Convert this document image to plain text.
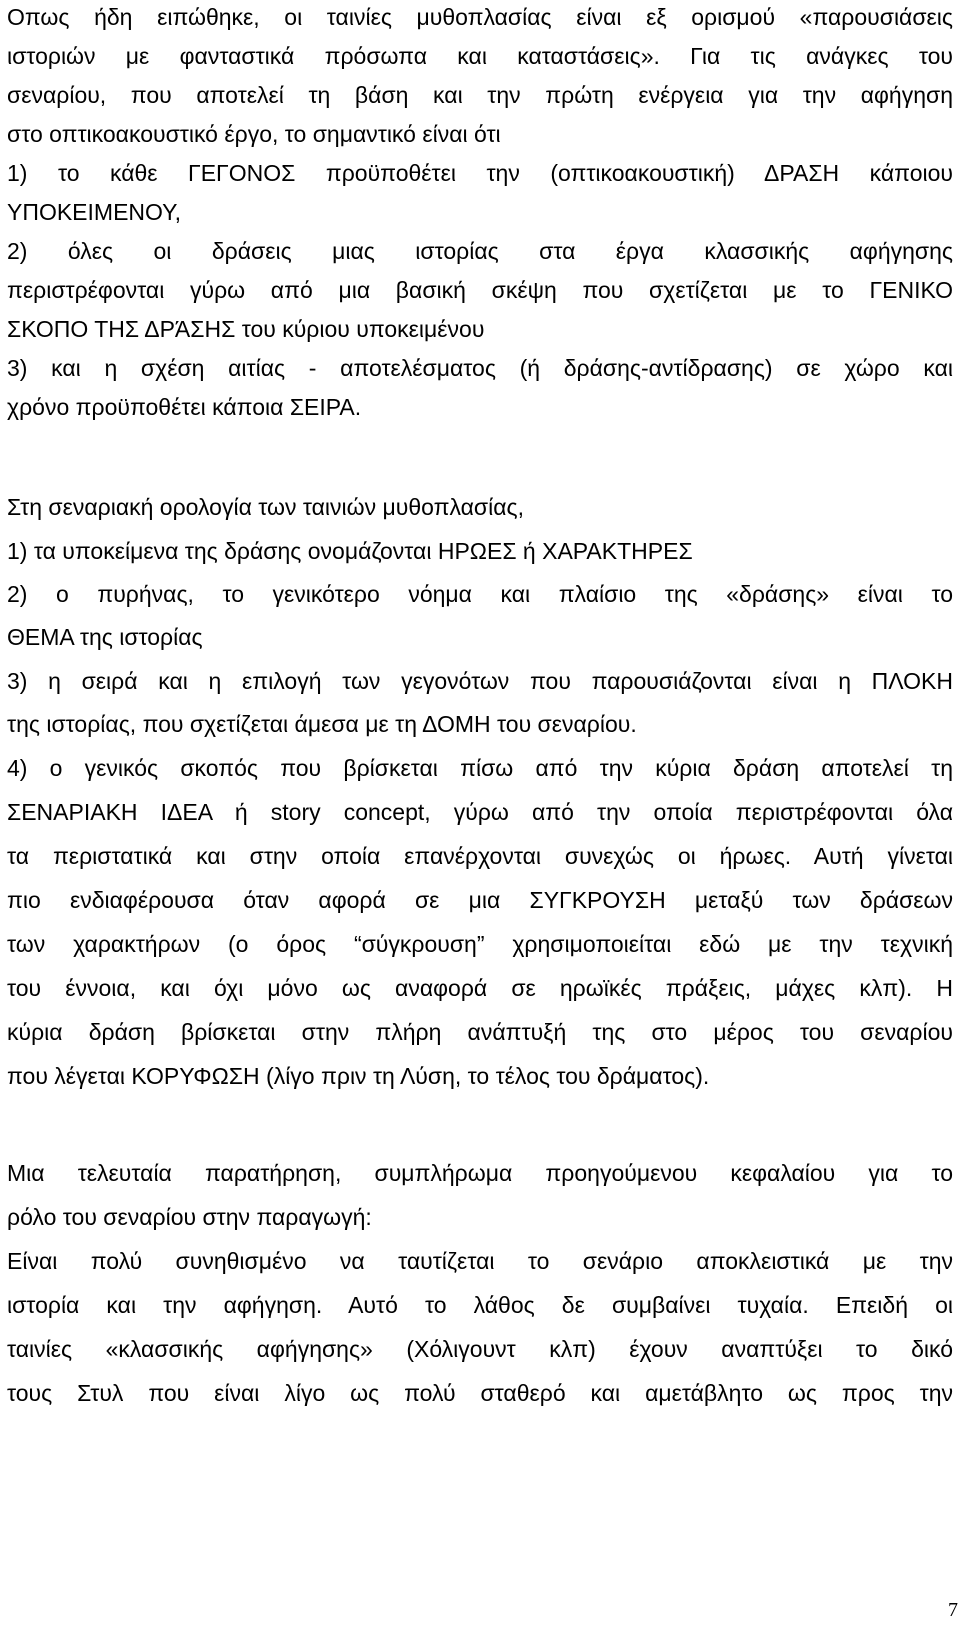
Οπως ήδη ειπώθηκε, οι ταινίες μυθοπλασίας είναι εξ ορισμού «παρουσιάσεις
ιστοριών με φανταστικά πρόσωπα και καταστάσεις». Για τις ανάγκες του
σεναρίου, που αποτελεί τη βάση και την πρώτη ενέργεια για την αφήγηση
στο οπτικοακουστικό έργο, το σημαντικό είναι ότι
1) το κάθε ΓΕΓΟΝΟΣ προϋποθέτει την (οπτικοακουστική) ΔΡΑΣΗ κάποιου
ΥΠΟΚΕΙΜΕΝΟΥ,
2) όλες οι δράσεις μιας ιστορίας στα έργα κλασσικής αφήγησης
περιστρέφονται γύρω από μια βασική σκέψη που σχετίζεται με το ΓΕΝΙΚΟ
ΣΚΟΠΟ ΤΗΣ ΔΡΆΣΗΣ του κύριου υποκειμένου
3) και η σχέση αιτίας - αποτελέσματος (ή δράσης-αντίδρασης) σε χώρο και
χρόνο προϋποθέτει κάποια ΣΕΙΡΑ.
Στη σεναριακή ορολογία των ταινιών μυθοπλασίας,
1) τα υποκείμενα της δράσης ονομάζονται ΗΡΩΕΣ ή ΧΑΡΑΚΤΗΡΕΣ
2) ο πυρήνας, το γενικότερο νόημα και πλαίσιο της «δράσης» είναι το
ΘΕΜΑ της ιστορίας
3) η σειρά και η επιλογή των γεγονότων που παρουσιάζονται είναι η ΠΛΟΚΗ
της ιστορίας, που σχετίζεται άμεσα με τη ΔΟΜΗ του σεναρίου.
4) ο γενικός σκοπός που βρίσκεται πίσω από την κύρια δράση αποτελεί τη
ΣΕΝΑΡΙΑΚΗ ΙΔΕΑ ή story concept, γύρω από την οποία περιστρέφονται όλα
τα περιστατικά και στην οποία επανέρχονται συνεχώς οι ήρωες. Αυτή γίνεται
πιο ενδιαφέρουσα όταν αφορά σε μια ΣΥΓΚΡΟΥΣΗ μεταξύ των δράσεων
των χαρακτήρων (ο όρος “σύγκρουση” χρησιμοποιείται εδώ με την τεχνική
του έννοια, και όχι μόνο ως αναφορά σε ηρωϊκές πράξεις, μάχες κλπ). Η
κύρια δράση βρίσκεται στην πλήρη ανάπτυξή της στο μέρος του σεναρίου
που λέγεται ΚΟΡΥΦΩΣΗ (λίγο πριν τη Λύση, το τέλος του δράματος).
Μια τελευταία παρατήρηση, συμπλήρωμα προηγούμενου κεφαλαίου για το
ρόλο του σεναρίου στην παραγωγή:
Είναι πολύ συνηθισμένο να ταυτίζεται το σενάριο αποκλειστικά με την
ιστορία και την αφήγηση. Αυτό το λάθος δε συμβαίνει τυχαία. Επειδή οι
ταινίες «κλασσικής αφήγησης» (Χόλιγουντ κλπ) έχουν αναπτύξει το δικό
τους Στυλ που είναι λίγο ως πολύ σταθερό και αμετάβλητο ως προς την
7
